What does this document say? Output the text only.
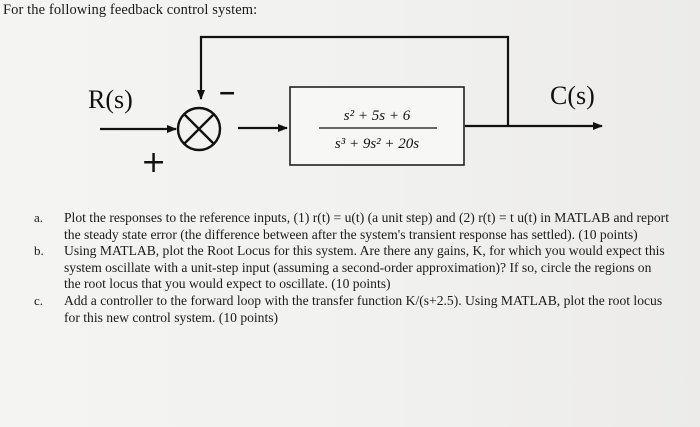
For the following feedback control system:
R(s)
+
−
s² + 5s + 6
s³ + 9s² + 20s
C(s)
a. Plot the responses to the reference inputs, (1) r(t) = u(t) (a unit step) and (2) r(t) = t u(t) in MATLAB and report the steady state error (the difference between after the system's transient response has settled). (10 points)
b. Using MATLAB, plot the Root Locus for this system. Are there any gains, K, for which you would expect this system oscillate with a unit-step input (assuming a second-order approximation)? If so, circle the regions on the root locus that you would expect to oscillate. (10 points)
c. Add a controller to the forward loop with the transfer function K/(s+2.5). Using MATLAB, plot the root locus for this new control system. (10 points)
